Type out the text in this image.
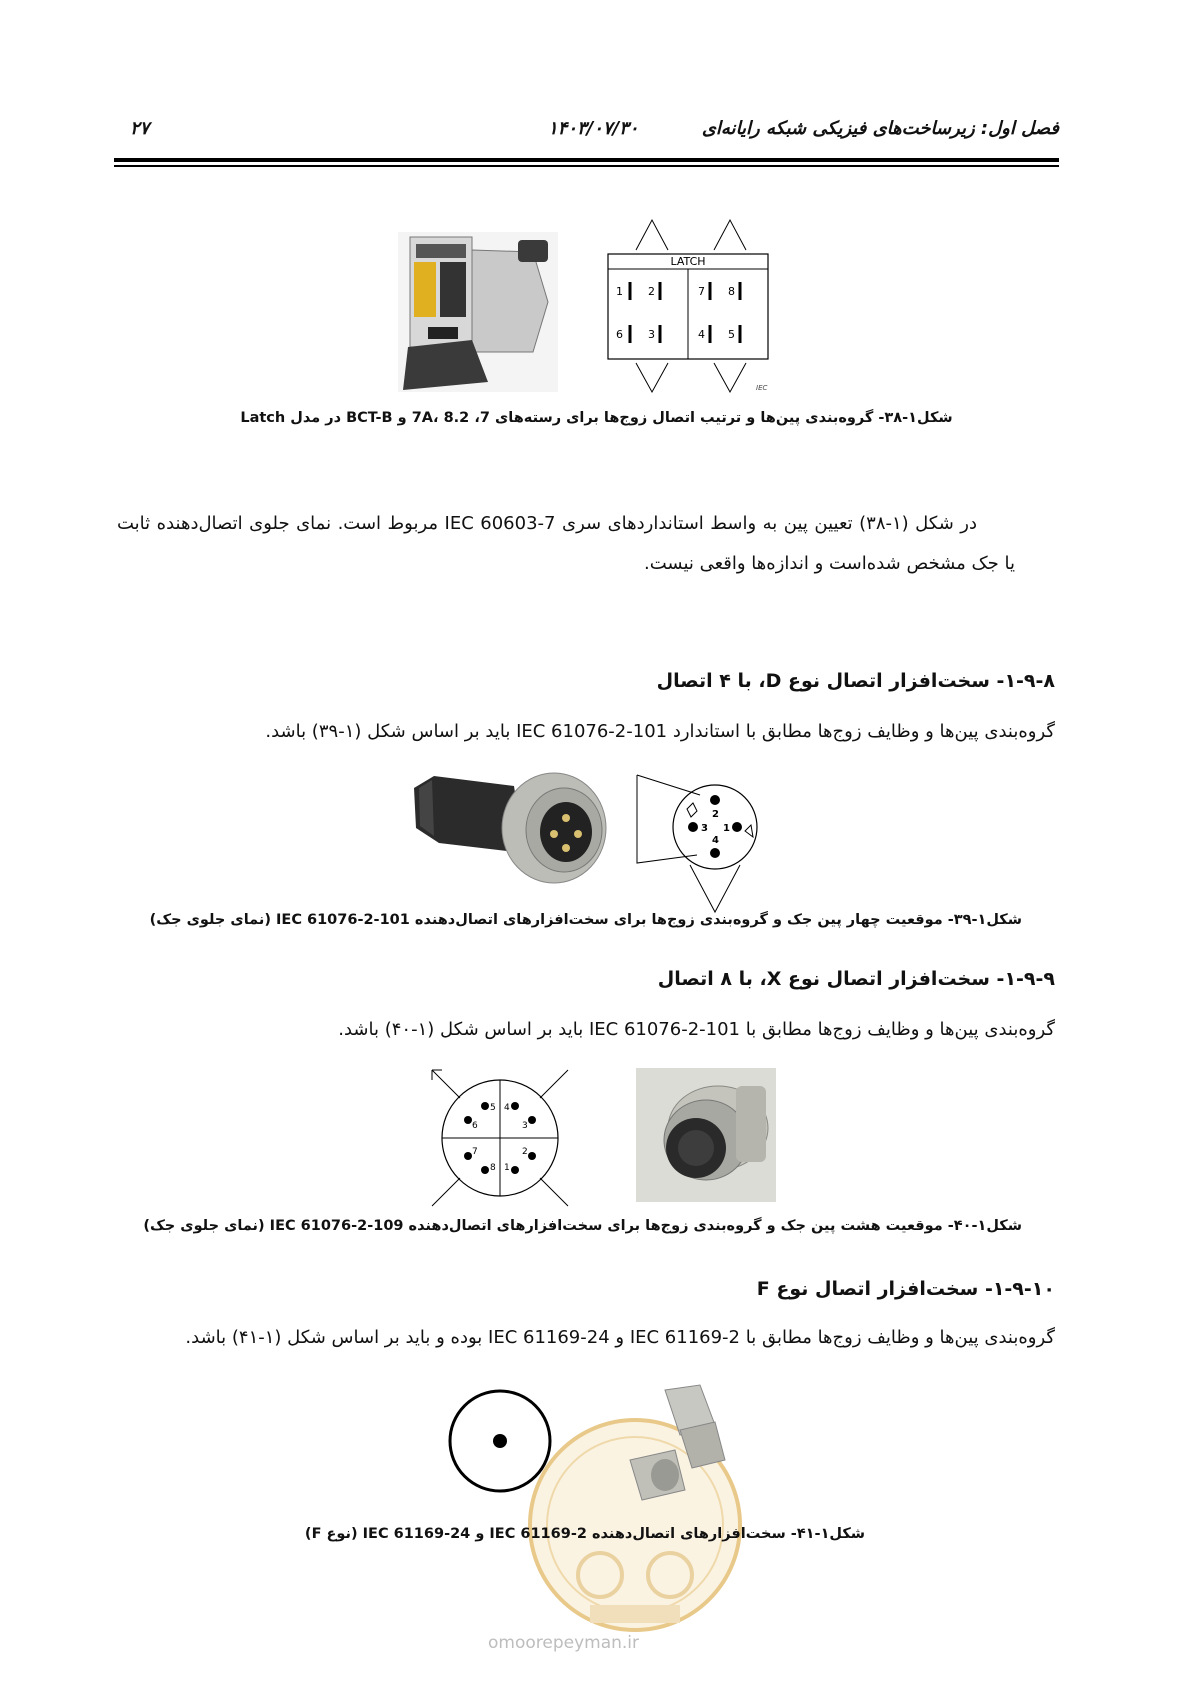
فصل اول: زیرساخت‌های فیزیکی شبکه رایانه‌ای
۱۴۰۳/۰۷/۳۰
۲۷
LATCH
1 2	7 8
6 3	4 5
IEC
شکل۱-۳۸- گروه‌بندی پین‌ها و ترتیب اتصال زوج‌ها برای رسته‌های 7، 7A، 8.2 و BCT-B در مدل Latch
در شکل (۱-۳۸) تعیین پین به واسط استانداردهای سری IEC 60603-7 مربوط است. نمای جلوی اتصال‌دهنده ثابت یا جک مشخص شده‌است و اندازه‌ها واقعی نیست.
۱-۹-۸- سخت‌افزار اتصال نوع D، با ۴ اتصال
گروه‌بندی پین‌ها و وظایف زوج‌ها مطابق با استاندارد IEC 61076-2-101 باید بر اساس شکل (۱-۳۹) باشد.
2
3 1
4
شکل۱-۳۹- موقعیت چهار پین جک و گروه‌بندی زوج‌ها برای سخت‌افزارهای اتصال‌دهنده IEC 61076-2-101 (نمای جلوی جک)
۱-۹-۹- سخت‌افزار اتصال نوع X، با ۸ اتصال
گروه‌بندی پین‌ها و وظایف زوج‌ها مطابق با IEC 61076-2-101 باید بر اساس شکل (۱-۴۰) باشد.
5 4
6	3
7	2
8 1
شکل۱-۴۰- موقعیت هشت پین جک و گروه‌بندی زوج‌ها برای سخت‌افزارهای اتصال‌دهنده IEC 61076-2-109 (نمای جلوی جک)
۱-۹-۱۰- سخت‌افزار اتصال نوع F
گروه‌بندی پین‌ها و وظایف زوج‌ها مطابق با IEC 61169-2 و IEC 61169-24 بوده و باید بر اساس شکل (۱-۴۱) باشد.
شکل۱-۴۱- سخت‌افزارهای اتصال‌دهنده IEC 61169-2 و IEC 61169-24 (نوع F)
omoorepeyman.ir
